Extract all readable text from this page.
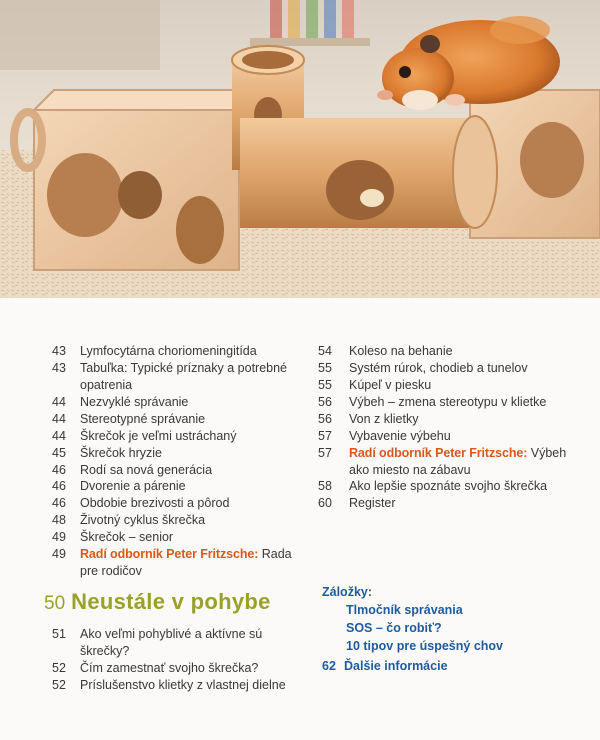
43	Lymfocytárna choriomeningitída
43	Tabuľka: Typické príznaky a potrebné opatrenia
44	Nezvyklé správanie
44	Stereotypné správanie
44	Škrečok je veľmi ustráchaný
45	Škrečok hryzie
46	Rodí sa nová generácia
46	Dvorenie a párenie
46	Obdobie brezivosti a pôrod
48	Životný cyklus škrečka
49	Škrečok – senior
49	Radí odborník Peter Fritzsche: Rada pre rodičov
50 Neustále v pohybe
51	Ako veľmi pohyblivé a aktívne sú škrečky?
52	Čím zamestnať svojho škrečka?
52	Príslušenstvo klietky z vlastnej dielne
54	Koleso na behanie
55	Systém rúrok, chodieb a tunelov
55	Kúpeľ v piesku
56	Výbeh – zmena stereotypu v klietke
56	Von z klietky
57	Vybavenie výbehu
57	Radí odborník Peter Fritzsche: Výbeh ako miesto na zábavu
58	Ako lepšie spoznáte svojho škrečka
60	Register
Záložky:
Tlmočník správania
SOS – čo robiť?
10 tipov pre úspešný chov
62 Ďalšie informácie
